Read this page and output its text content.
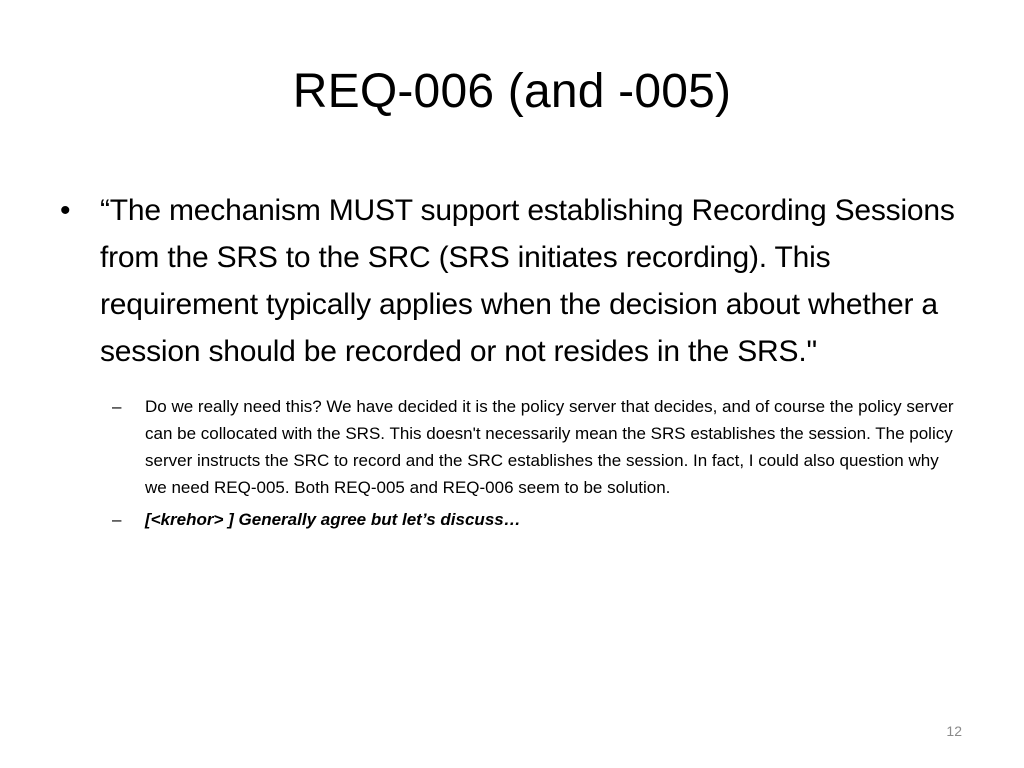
REQ-006 (and -005)
• “The mechanism MUST support establishing Recording Sessions from the SRS to the SRC (SRS initiates recording). This requirement typically applies when the decision about whether a session should be recorded or not resides in the SRS."
–	Do we really need this? We have decided it is the policy server that decides, and of course the policy server can be collocated with the SRS. This doesn't necessarily mean the SRS establishes the session. The policy server instructs the SRC to record and the SRC establishes the session. In fact, I could also question why we need REQ-005. Both REQ-005 and REQ-006 seem to be solution.
–	[<krehor> ] Generally agree but let’s discuss…
12
